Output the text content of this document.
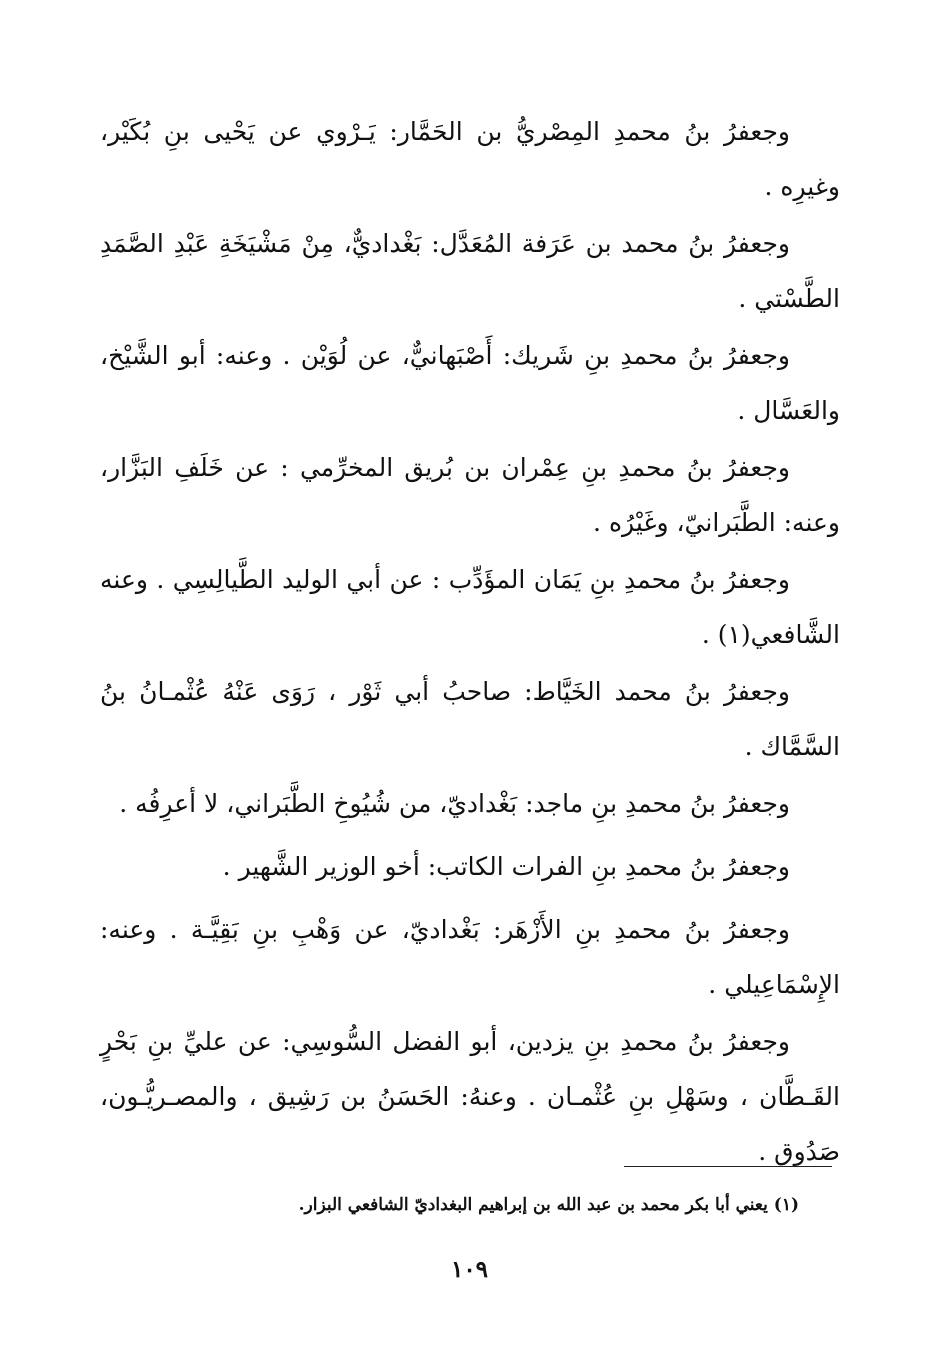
وجعفرُ بنُ محمدِ المِصْريُّ بن الحَمَّار: يَـرْوي عن يَحْيى بنِ بُكَيْر، وغيرِه .

وجعفرُ بنُ محمد بن عَرَفة المُعَدَّل: بَغْداديٌّ، مِنْ مَشْيَخَةِ عَبْدِ الصَّمَدِ الطَّسْتي .

وجعفرُ بنُ محمدِ بنِ شَريك: أَصْبَهانيٌّ، عن لُوَيْن . وعنه: أبو الشَّيْخ، والعَسَّال .

وجعفرُ بنُ محمدِ بنِ عِمْران بن بُريق المخرِّمي : عن خَلَفِ البَزَّار، وعنه: الطَّبَرانيّ، وغَيْرُه .

وجعفرُ بنُ محمدِ بنِ يَمَان المؤَدِّب : عن أبي الوليد الطَّيالِسِي . وعنه الشَّافعي(١) .

وجعفرُ بنُ محمد الخَيَّاط: صاحبُ أبي ثَوْر ، رَوَى عَنْهُ عُثْمـانُ بنُ السَّمَّاك .

وجعفرُ بنُ محمدِ بنِ ماجد: بَغْداديّ، من شُيُوخِ الطَّبَراني، لا أعرِفُه .

وجعفرُ بنُ محمدِ بنِ الفرات الكاتب: أخو الوزير الشَّهير .

وجعفرُ بنُ محمدِ بنِ الأَزْهَر: بَغْداديّ، عن وَهْبِ بنِ بَقِيَّـة . وعنه: الإِسْمَاعِيلي .

وجعفرُ بنُ محمدِ بنِ يزدين، أبو الفضل السُّوسِي: عن عليِّ بنِ بَحْرٍ القَـطَّان ، وسَهْلِ بنِ عُثْمـان . وعنهُ: الحَسَنُ بن رَشِيق ، والمصـريُّـون، صَدُوق .

(١) يعني أبا بكر محمد بن عبد الله بن إبراهيم البغداديّ الشافعي البزار.
١٠٩
